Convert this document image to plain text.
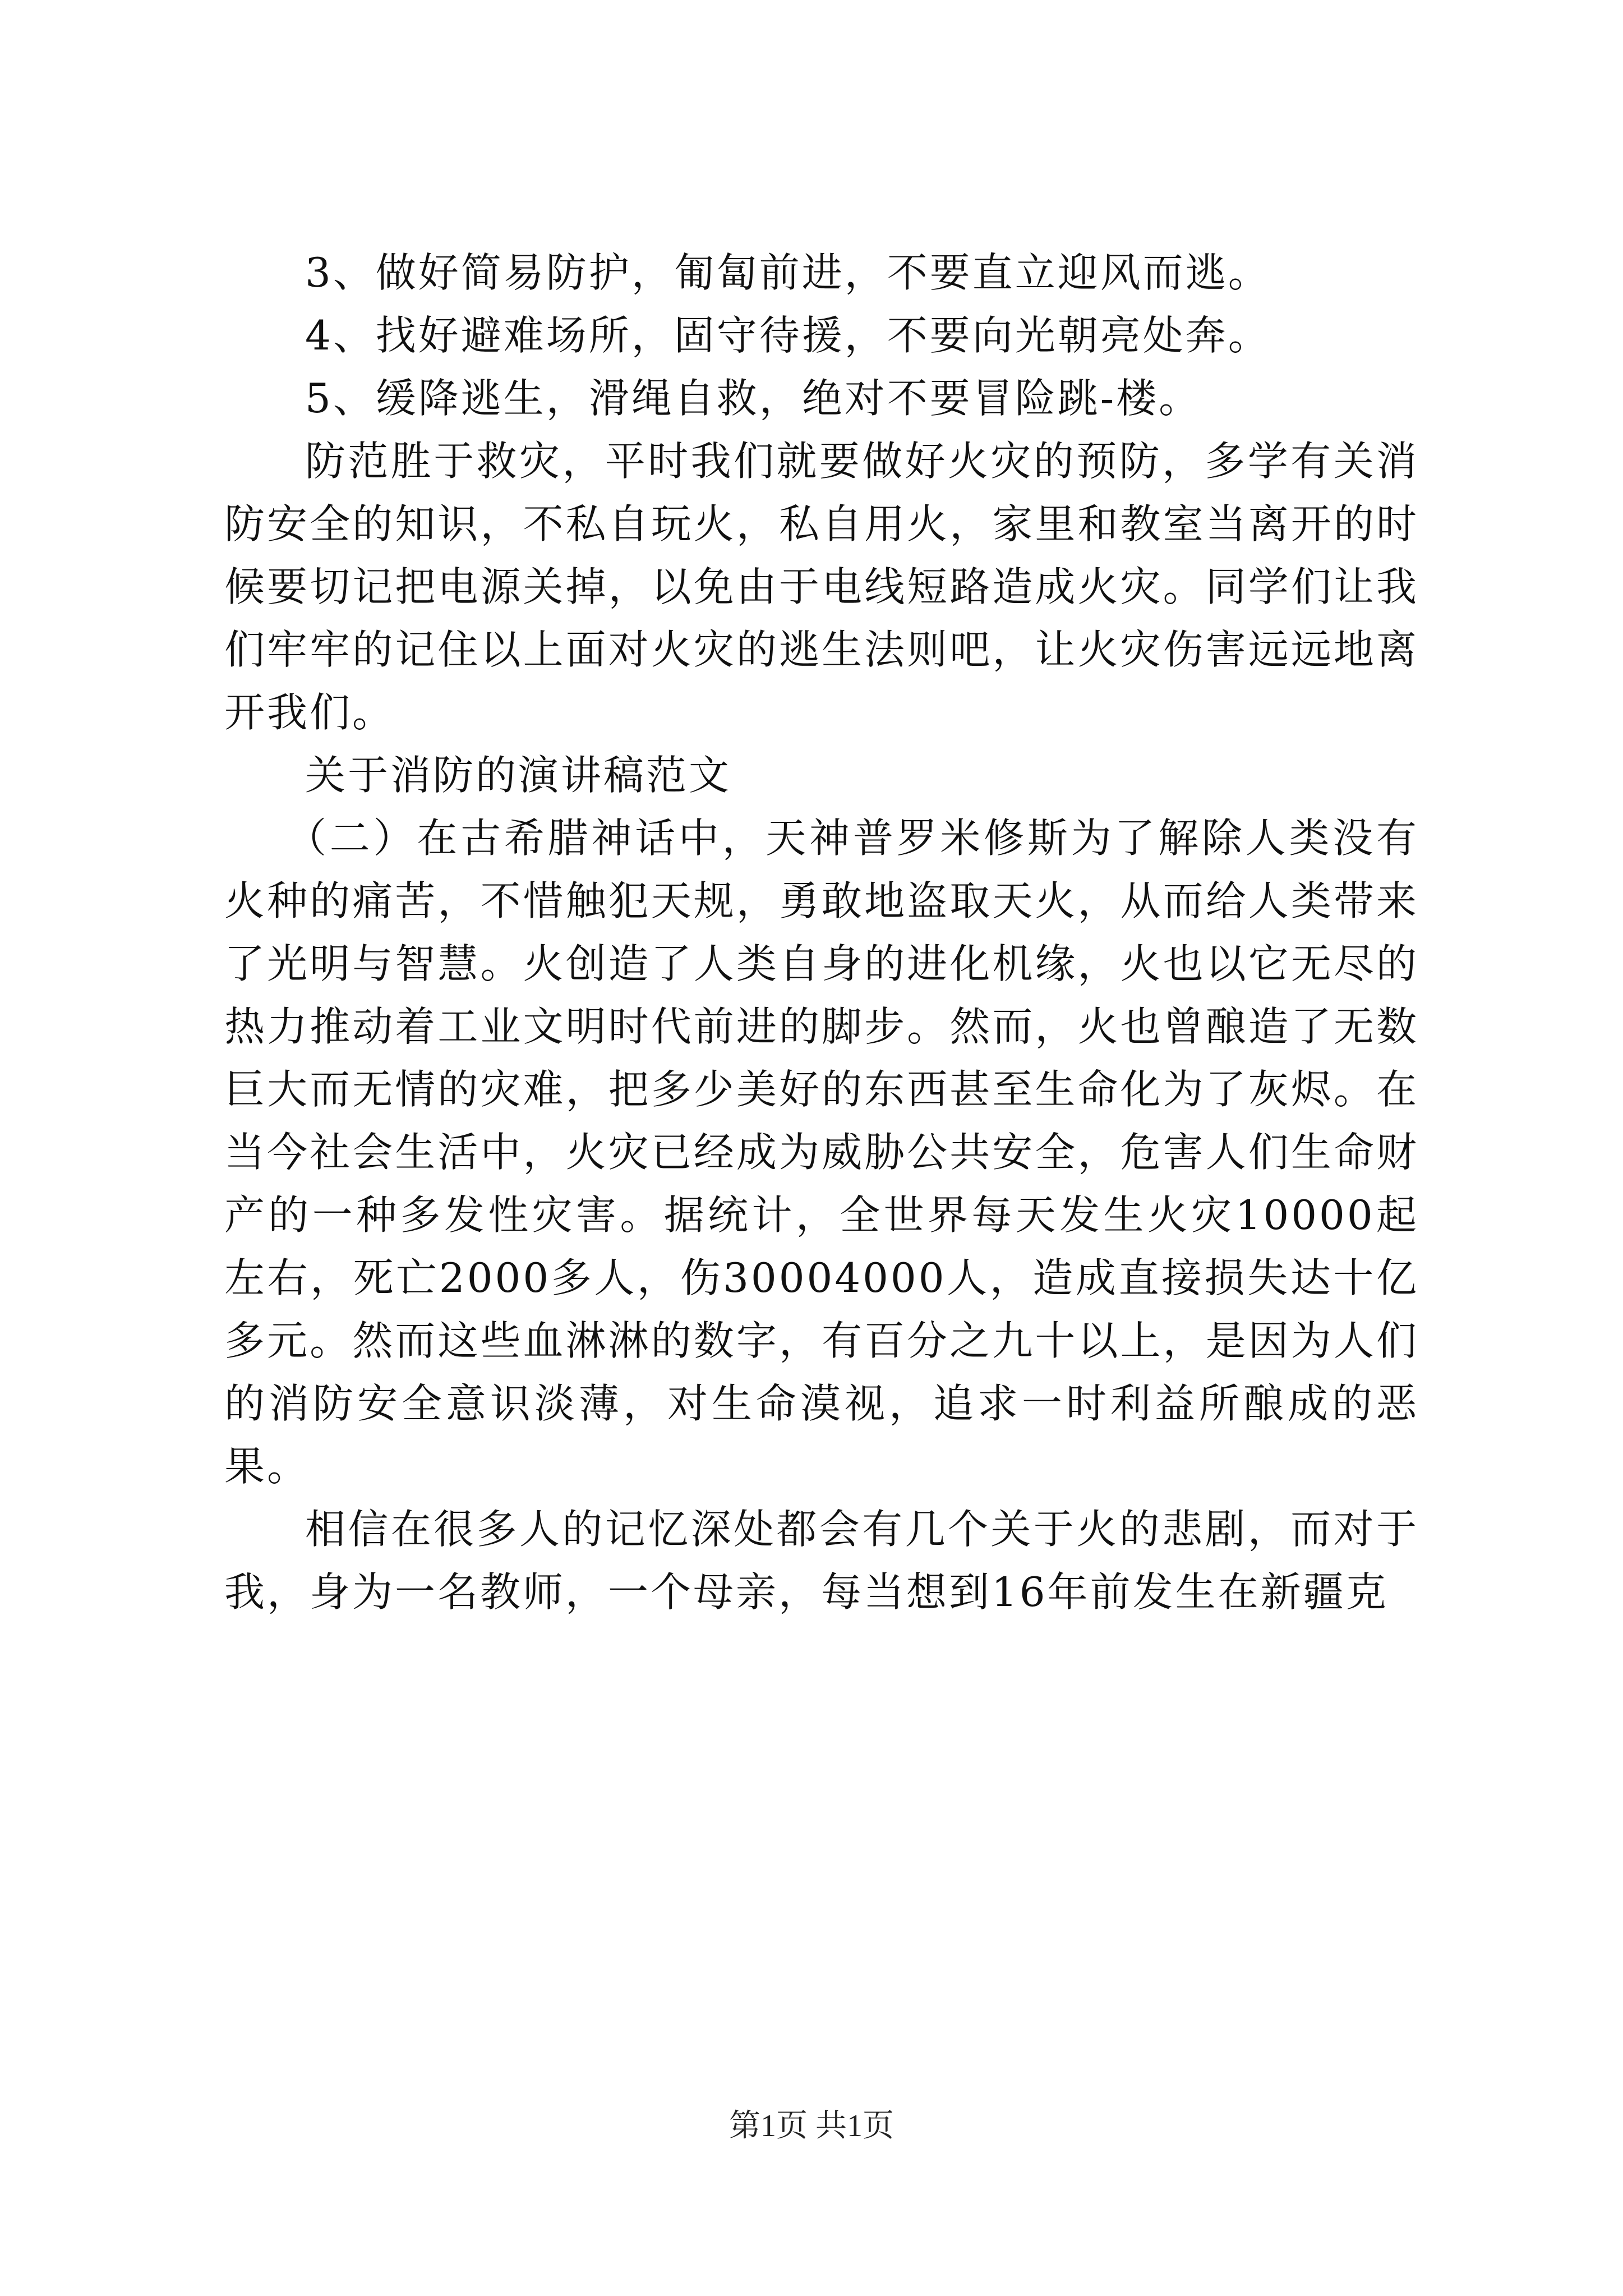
3、做好简易防护，匍匐前进，不要直立迎风而逃。

4、找好避难场所，固守待援，不要向光朝亮处奔。

5、缓降逃生，滑绳自救，绝对不要冒险跳-楼。

防范胜于救灾，平时我们就要做好火灾的预防，多学有关消防安全的知识，不私自玩火，私自用火，家里和教室当离开的时候要切记把电源关掉，以免由于电线短路造成火灾。同学们让我们牢牢的记住以上面对火灾的逃生法则吧，让火灾伤害远远地离开我们。

关于消防的演讲稿范文

（二）在古希腊神话中，天神普罗米修斯为了解除人类没有火种的痛苦，不惜触犯天规，勇敢地盗取天火，从而给人类带来了光明与智慧。火创造了人类自身的进化机缘，火也以它无尽的热力推动着工业文明时代前进的脚步。然而，火也曾酿造了无数巨大而无情的灾难，把多少美好的东西甚至生命化为了灰烬。在当今社会生活中，火灾已经成为威胁公共安全，危害人们生命财产的一种多发性灾害。据统计，全世界每天发生火灾10000起左右，死亡2000多人，伤30004000人，造成直接损失达十亿多元。然而这些血淋淋的数字，有百分之九十以上，是因为人们的消防安全意识淡薄，对生命漠视，追求一时利益所酿成的恶果。

相信在很多人的记忆深处都会有几个关于火的悲剧，而对于我，身为一名教师，一个母亲，每当想到16年前发生在新疆克

第1页 共1页
